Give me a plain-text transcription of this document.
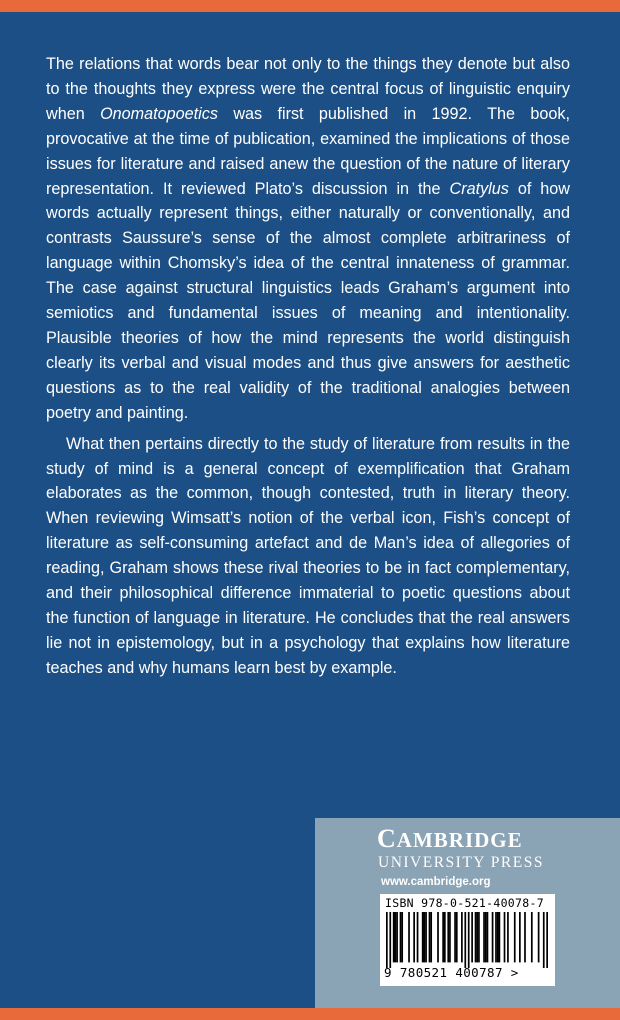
The relations that words bear not only to the things they denote but also to the thoughts they express were the central focus of linguistic enquiry when Onomatopoetics was first published in 1992. The book, provocative at the time of publication, examined the implications of those issues for literature and raised anew the question of the nature of literary representation. It reviewed Plato’s discussion in the Cratylus of how words actually represent things, either naturally or conventionally, and contrasts Saussure’s sense of the almost complete arbitrariness of language within Chomsky’s idea of the central innateness of grammar. The case against structural linguistics leads Graham’s argument into semiotics and fundamental issues of meaning and intentionality. Plausible theories of how the mind represents the world distinguish clearly its verbal and visual modes and thus give answers for aesthetic questions as to the real validity of the traditional analogies between poetry and painting.

What then pertains directly to the study of literature from results in the study of mind is a general concept of exemplification that Graham elaborates as the common, though contested, truth in literary theory. When reviewing Wimsatt’s notion of the verbal icon, Fish’s concept of literature as self-consuming artefact and de Man’s idea of allegories of reading, Graham shows these rival theories to be in fact complementary, and their philosophical difference immaterial to poetic questions about the function of language in literature. He concludes that the real answers lie not in epistemology, but in a psychology that explains how literature teaches and why humans learn best by example.

CAMBRIDGE
UNIVERSITY PRESS
www.cambridge.org
ISBN 978-0-521-40078-7
9 780521 400787 >
